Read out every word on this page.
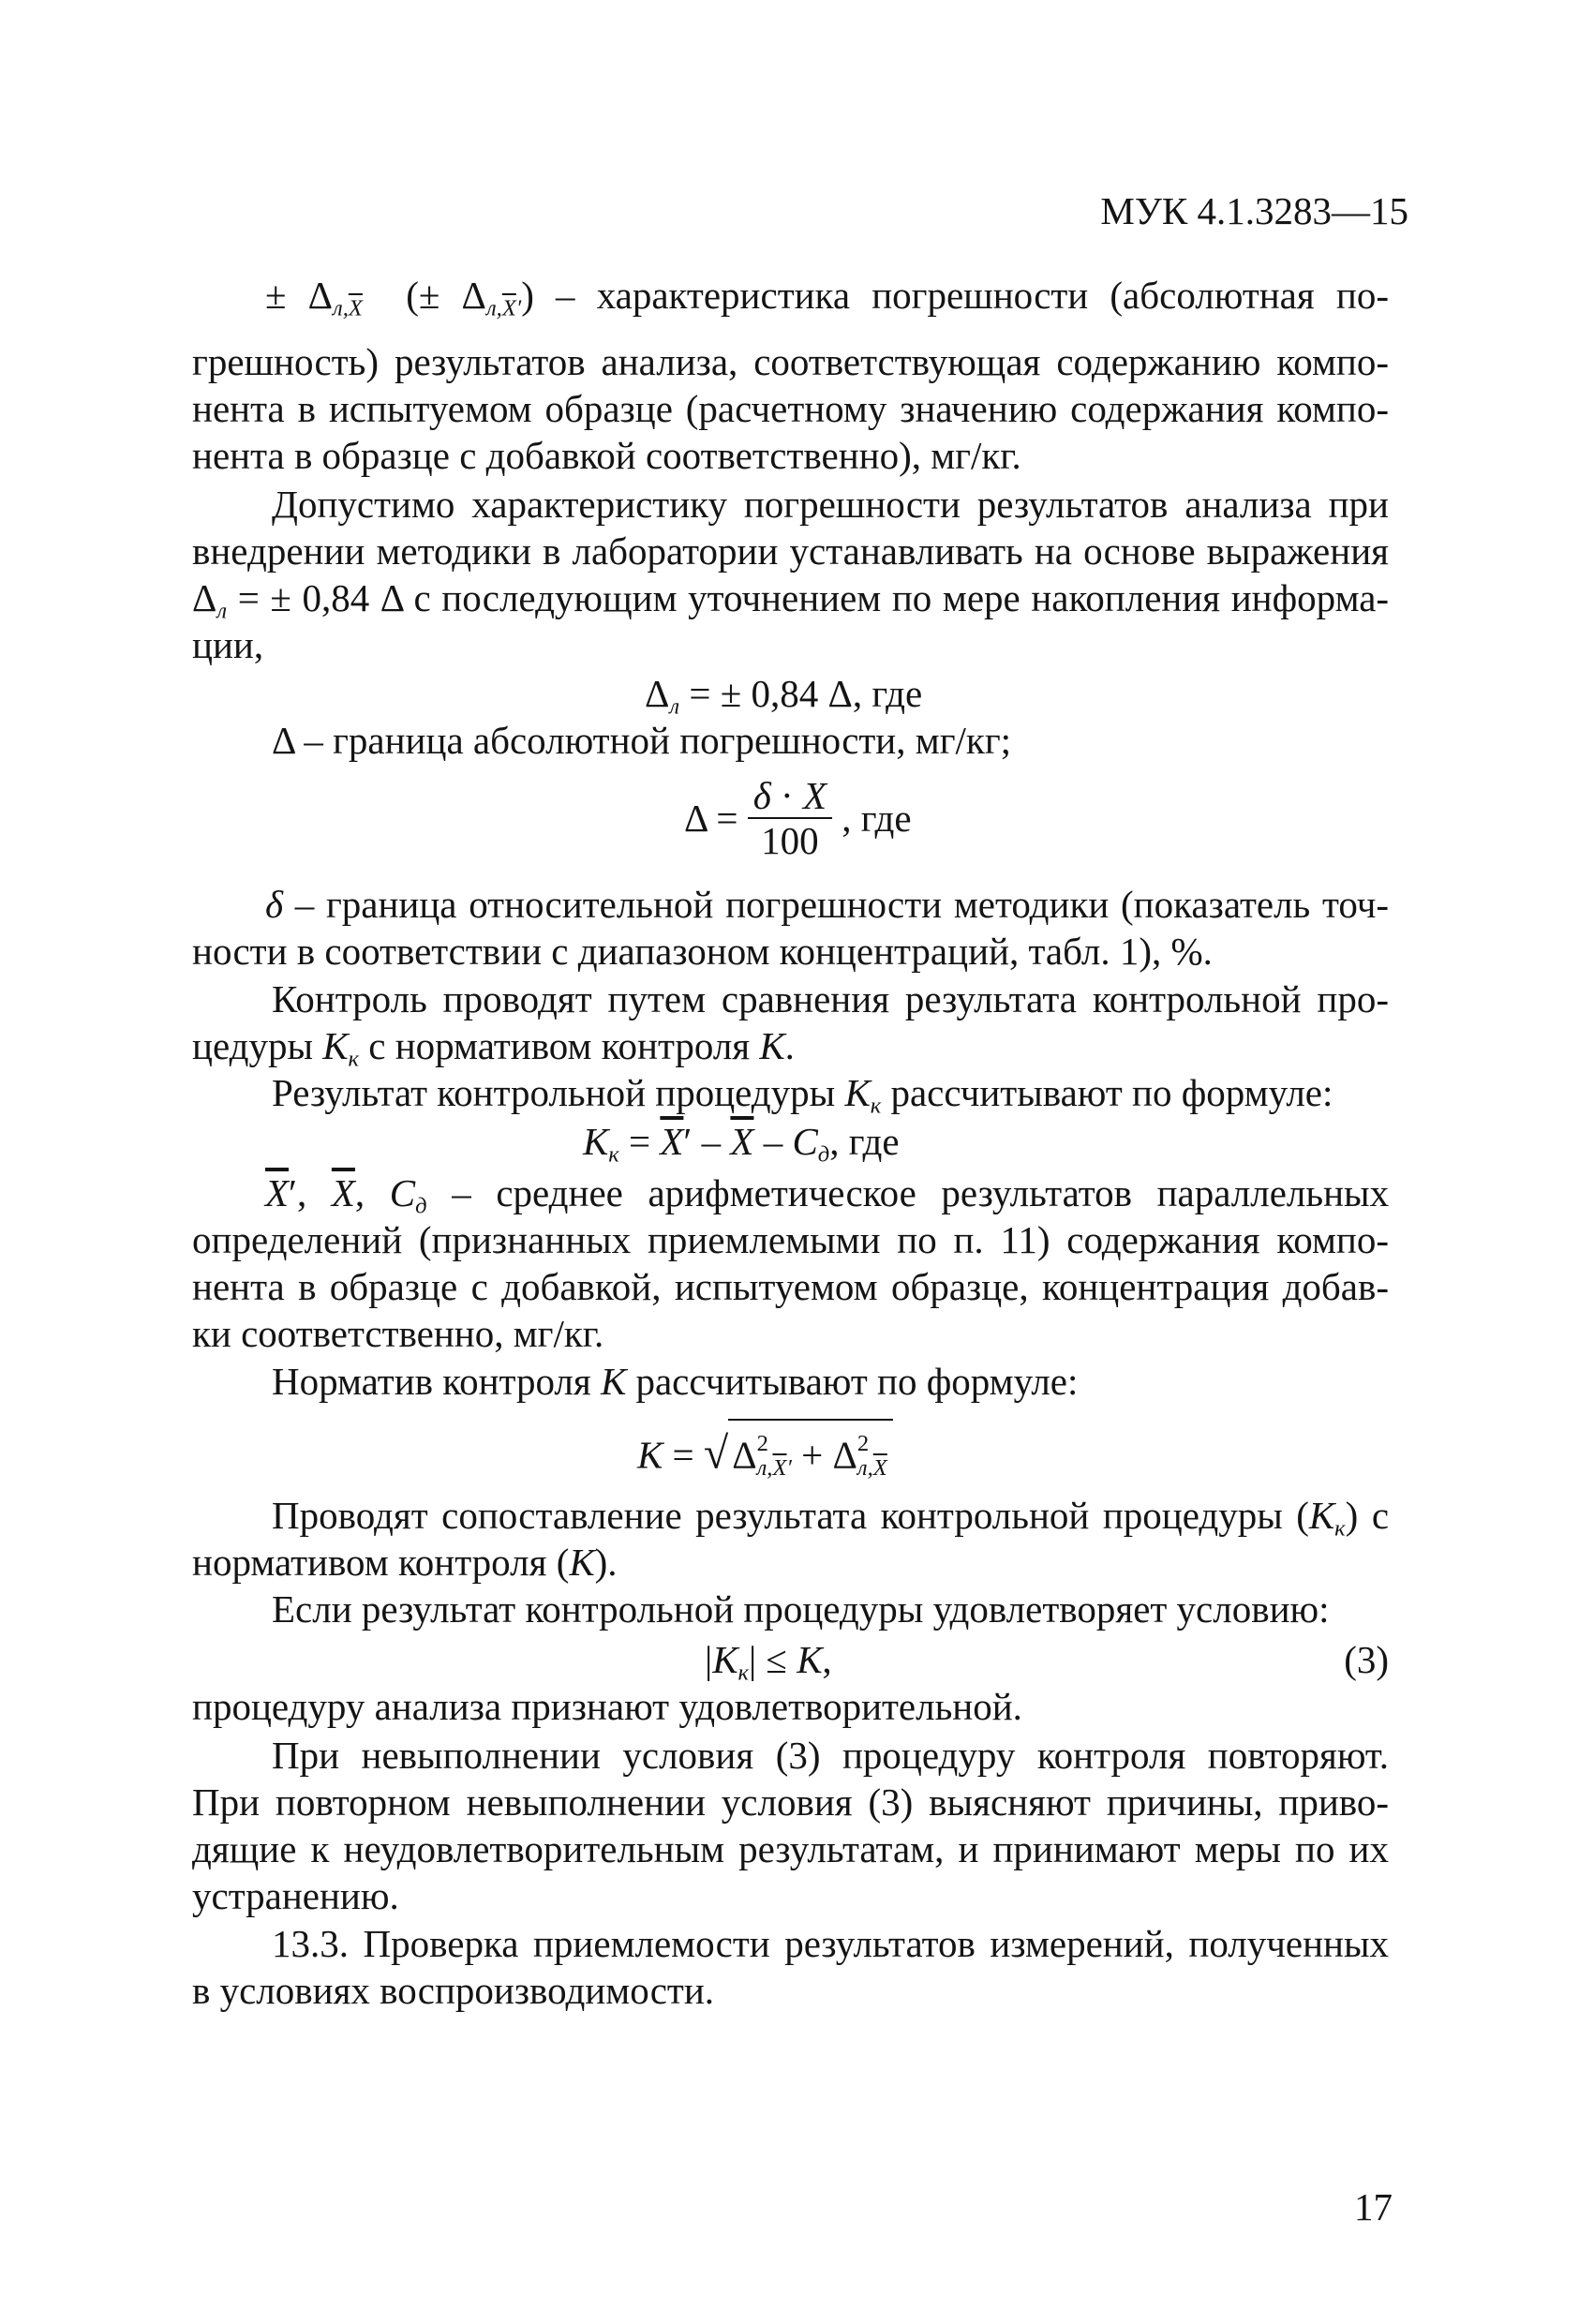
МУК 4.1.3283—15
± $\Delta_{л,\overline{X}}$  (± $\Delta_{л,\overline{X}'}$) – характеристика погрешности (абсолютная по-
грешность) результатов анализа, соответствующая содержанию компо-
нента в испытуемом образце (расчетному значению содержания компо-
нента в образце с добавкой соответственно), мг/кг.
Допустимо характеристику погрешности результатов анализа при
внедрении методики в лаборатории устанавливать на основе выражения
$\Delta_л$ = ± 0,84 Δ с последующим уточнением по мере накопления информа-
ции,
$\Delta_л$ = ± 0,84 Δ, где
Δ – граница абсолютной погрешности, мг/кг;
$\Delta = \frac{\delta \cdot X}{100}$ , где
δ – граница относительной погрешности методики (показатель точ-
ности в соответствии с диапазоном концентраций, табл. 1), %.
Контроль проводят путем сравнения результата контрольной про-
цедуры $К_к$ с нормативом контроля К.
Результат контрольной процедуры $К_к$ рассчитывают по формуле:
$К_к = \overline{X}' - \overline{X} - C_д$, где
$\overline{X}'$, $\overline{X}$, $C_д$ – среднее арифметическое результатов параллельных
определений (признанных приемлемыми по п. 11) содержания компо-
нента в образце с добавкой, испытуемом образце, концентрация добав-
ки соответственно, мг/кг.
Норматив контроля К рассчитывают по формуле:
$К = √\Delta^2_{л,\overline{X}'} + \Delta^2_{л,\overline{X}}$
Проводят сопоставление результата контрольной процедуры $(К_к)$ с
нормативом контроля (К).
Если результат контрольной процедуры удовлетворяет условию:
$|К_к| \le К$,	(3)
процедуру анализа признают удовлетворительной.
При невыполнении условия (3) процедуру контроля повторяют.
При повторном невыполнении условия (3) выясняют причины, приво-
дящие к неудовлетворительным результатам, и принимают меры по их
устранению.
13.3. Проверка приемлемости результатов измерений, полученных
в условиях воспроизводимости.
17
